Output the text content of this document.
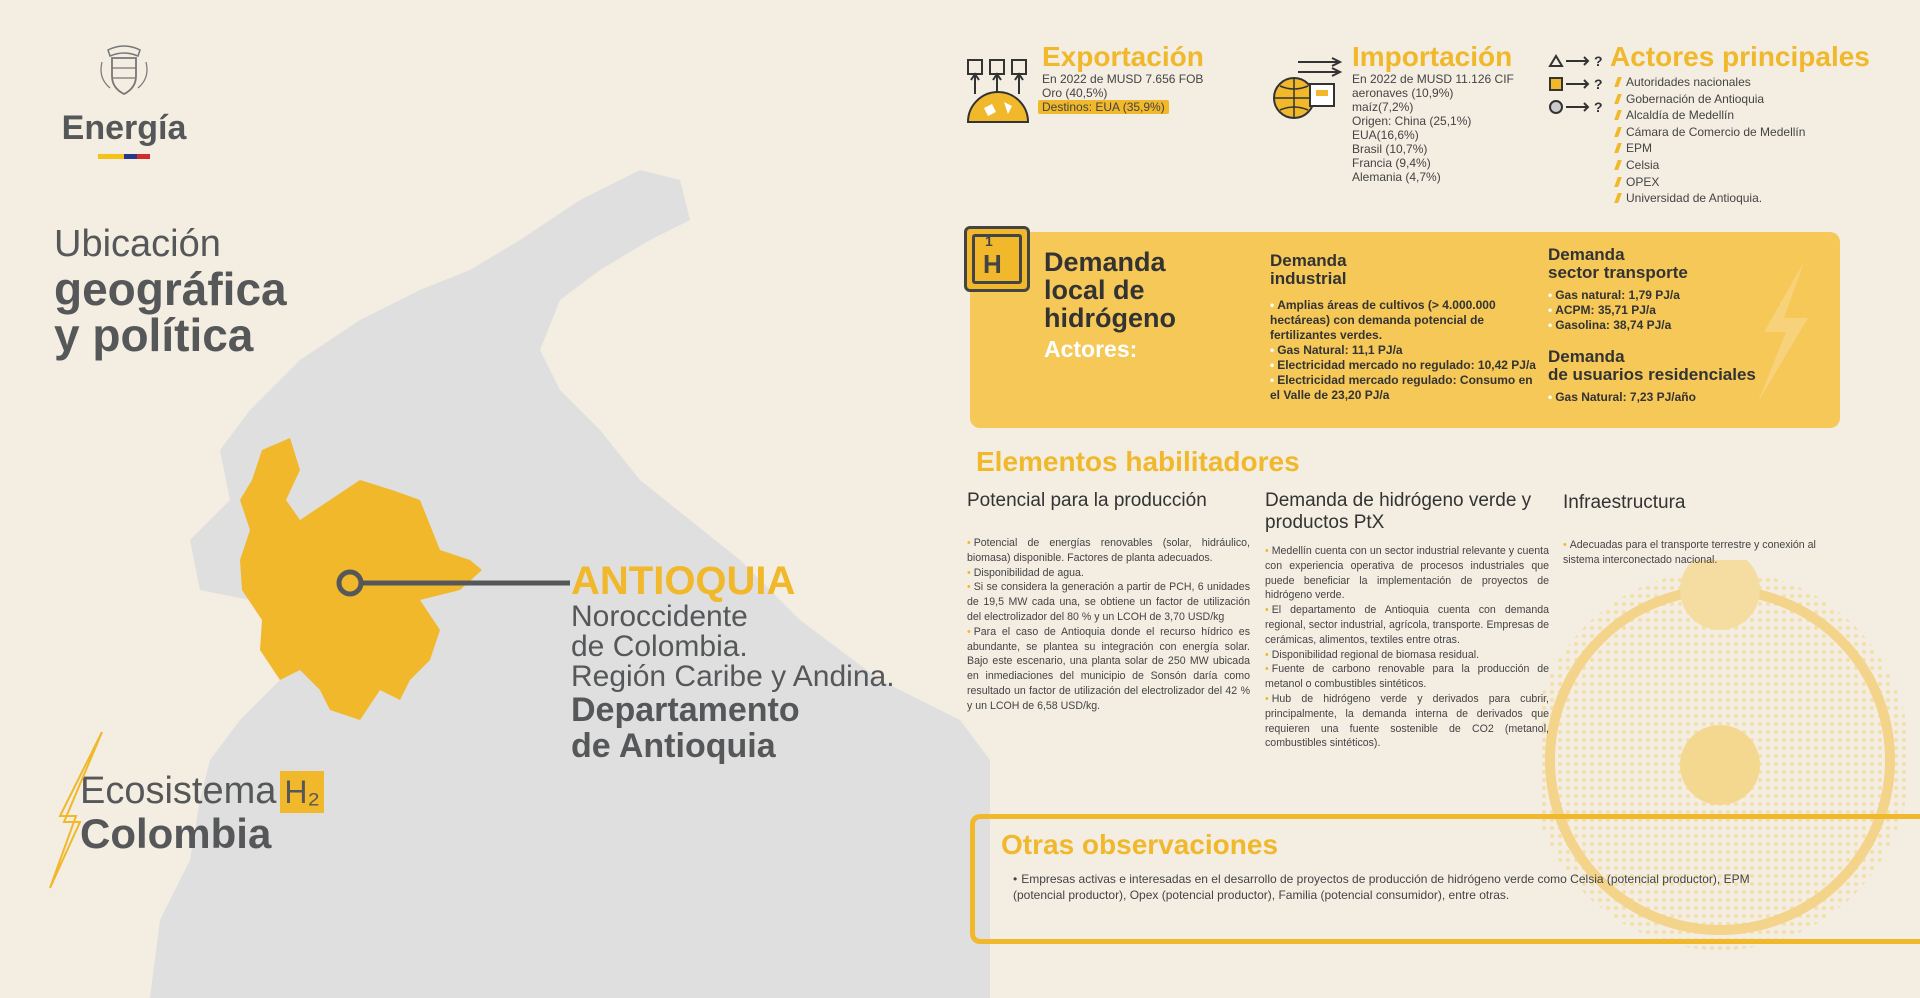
Energía
Ubicación
geográfica
y política
ANTIOQUIA
Noroccidente
de Colombia.
Región Caribe y Andina.
Departamento
de Antioquia
Ecosistema H₂
Colombia
Exportación
En 2022 de MUSD 7.656 FOB
Oro (40,5%)
Destinos: EUA (35,9%)
Importación
En 2022 de MUSD 11.126 CIF
aeronaves (10,9%)
maíz(7,2%)
Origen: China (25,1%)
EUA(16,6%)
Brasil (10,7%)
Francia (9,4%)
Alemania (4,7%)
?
?
?
Actores principales
Autoridades nacionales
Gobernación de Antioquia
Alcaldía de Medellín
Cámara de Comercio de Medellín
EPM
Celsia
OPEX
Universidad de Antioquia.
1
H Demanda
local de
hidrógeno
Actores:
Demanda
industrial
• Amplias áreas de cultivos (> 4.000.000 hectáreas) con demanda potencial de fertilizantes verdes.
• Gas Natural: 11,1 PJ/a
• Electricidad mercado no regulado: 10,42 PJ/a
• Electricidad mercado regulado: Consumo en el Valle de 23,20 PJ/a
Demanda
sector transporte
• Gas natural: 1,79 PJ/a
• ACPM: 35,71 PJ/a
• Gasolina: 38,74 PJ/a
Demanda
de usuarios residenciales
• Gas Natural: 7,23 PJ/año
Elementos habilitadores
Potencial para la producción
• Potencial de energías renovables (solar, hidráulico, biomasa) disponible. Factores de planta adecuados.
• Disponibilidad de agua.
• Si se considera la generación a partir de PCH, 6 unidades de 19,5 MW cada una, se obtiene un factor de utilización del electrolizador del 80 % y un LCOH de 3,70 USD/kg
• Para el caso de Antioquia donde el recurso hídrico es abundante, se plantea su integración con energía solar. Bajo este escenario, una planta solar de 250 MW ubicada en inmediaciones del municipio de Sonsón daría como resultado un factor de utilización del electrolizador del 42 % y un LCOH de 6,58 USD/kg.
Demanda de hidrógeno verde y productos PtX
• Medellín cuenta con un sector industrial relevante y cuenta con experiencia operativa de procesos industriales que puede beneficiar la implementación de proyectos de hidrógeno verde.
• El departamento de Antioquia cuenta con demanda regional, sector industrial, agrícola, transporte. Empresas de cerámicas, alimentos, textiles entre otras.
• Disponibilidad regional de biomasa residual.
• Fuente de carbono renovable para la producción de metanol o combustibles sintéticos.
• Hub de hidrógeno verde y derivados para cubrir, principalmente, la demanda interna de derivados que requieren una fuente sostenible de CO2 (metanol, combustibles sintéticos).
Infraestructura
• Adecuadas para el transporte terrestre y conexión al sistema interconectado nacional.
Otras observaciones
• Empresas activas e interesadas en el desarrollo de proyectos de producción de hidrógeno verde como Celsia (potencial productor), EPM (potencial productor), Opex (potencial productor), Familia (potencial consumidor), entre otras.
